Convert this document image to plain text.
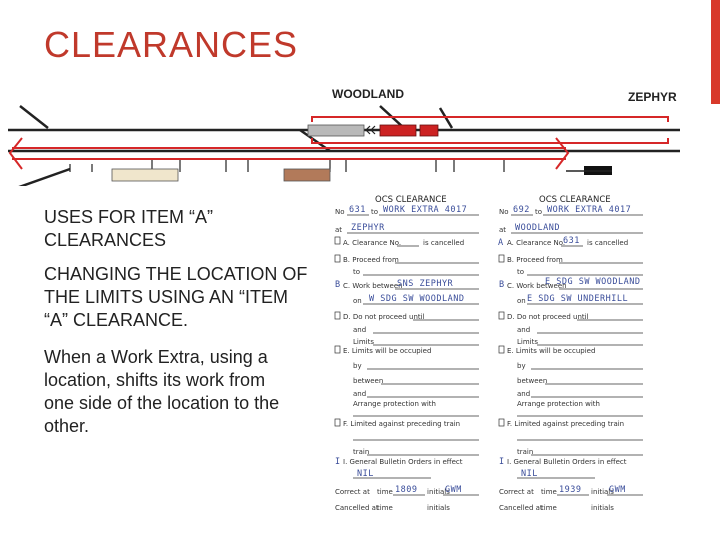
CLEARANCES
WOODLAND	ZEPHYR
USES FOR ITEM “A” CLEARANCES
CHANGING THE LOCATION OF THE LIMITS USING AN “ITEM “A” CLEARANCE.
When a Work Extra, using a location, shifts its work from one side of the location to the other.
OCS CLEARANCE
No 631 to WORK EXTRA 4017
at ZEPHYR
A. Clearance No.	is cancelled
B. Proceed from
to
B C. Work between
SNS ZEPHYR
on W SDG SW WOODLAND
D. Do not proceed until
and
Limits
E. Limits will be occupied
by
between
and
Arrange protection with
F. Limited against preceding train
train
I I. General Bulletin Orders in effect
NIL
Correct at time 1809 initials
GWM
Cancelled at
time	initials
OCS CLEARANCE
No 692 to WORK EXTRA 4017
at WOODLAND
A A. Clearance No.
631 is cancelled
B. Proceed from
to
B C. Work between
E SDG SW WOODLAND
on E SDG SW UNDERHILL
D. Do not proceed until
and
Limits
E. Limits will be occupied
by
between
and
Arrange protection with
F. Limited against preceding train
train
I I. General Bulletin Orders in effect
NIL
Correct at time 1939 initials
GWM
Cancelled at
time	initials
